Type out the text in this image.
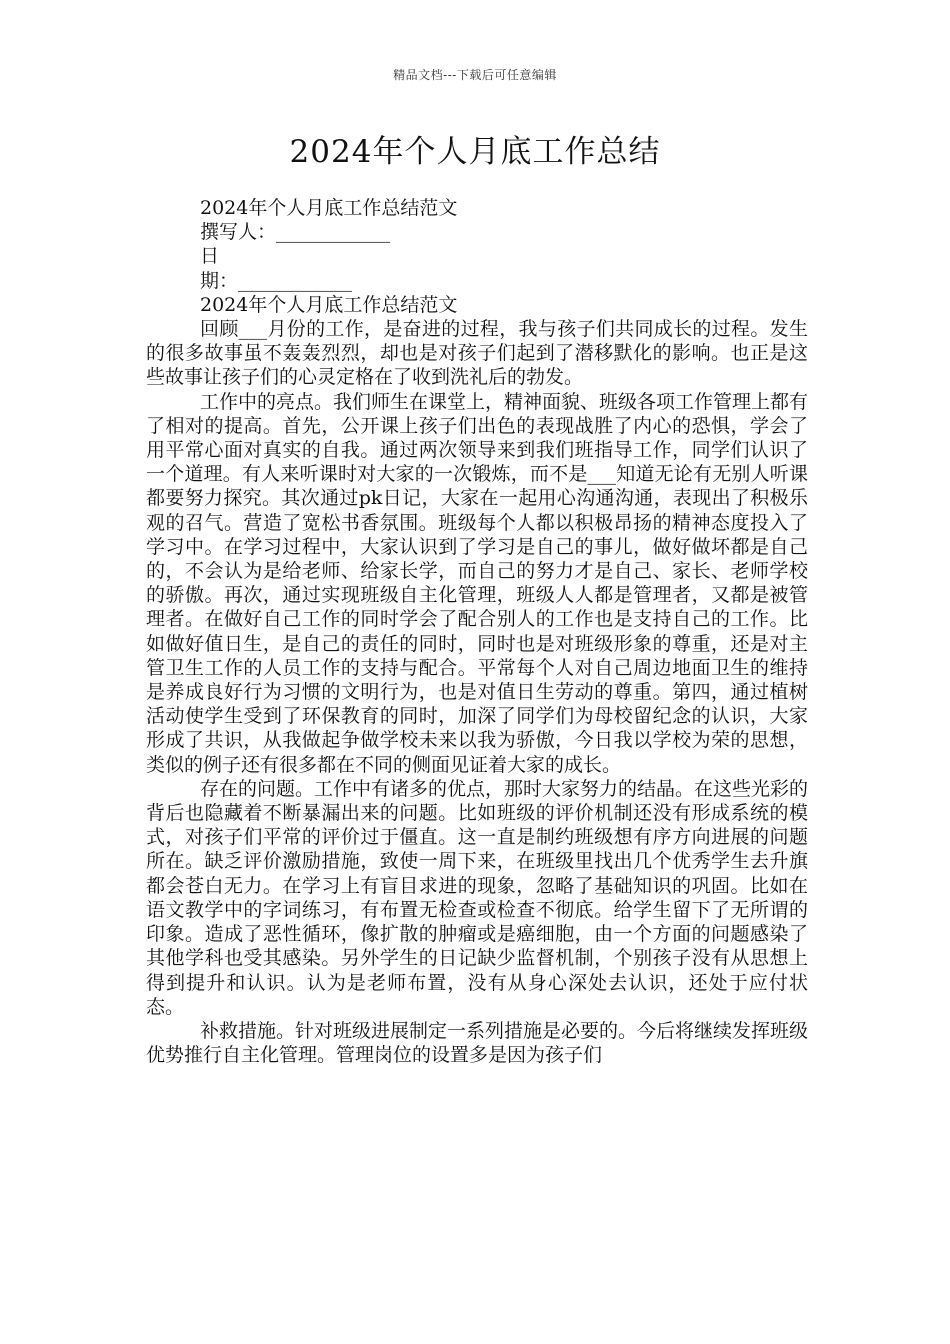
精品文档---下载后可任意编辑
2024年个人月底工作总结
2024年个人月底工作总结范文
撰写人：____________
日
期：____________
2024年个人月底工作总结范文

回顾___月份的工作，是奋进的过程，我与孩子们共同成长的过程。发生的很多故事虽不轰轰烈烈，却也是对孩子们起到了潜移默化的影响。也正是这些故事让孩子们的心灵定格在了收到洗礼后的勃发。

工作中的亮点。我们师生在课堂上，精神面貌、班级各项工作管理上都有了相对的提高。首先，公开课上孩子们出色的表现战胜了内心的恐惧，学会了用平常心面对真实的自我。通过两次领导来到我们班指导工作，同学们认识了一个道理。有人来听课时对大家的一次锻炼，而不是___知道无论有无别人听课都要努力探究。其次通过pk日记，大家在一起用心沟通沟通，表现出了积极乐观的召气。营造了宽松书香氛围。班级每个人都以积极昂扬的精神态度投入了学习中。在学习过程中，大家认识到了学习是自己的事儿，做好做坏都是自己的，不会认为是给老师、给家长学，而自己的努力才是自己、家长、老师学校的骄傲。再次，通过实现班级自主化管理，班级人人都是管理者，又都是被管理者。在做好自己工作的同时学会了配合别人的工作也是支持自己的工作。比如做好值日生，是自己的责任的同时，同时也是对班级形象的尊重，还是对主管卫生工作的人员工作的支持与配合。平常每个人对自己周边地面卫生的维持是养成良好行为习惯的文明行为，也是对值日生劳动的尊重。第四，通过植树活动使学生受到了环保教育的同时，加深了同学们为母校留纪念的认识，大家形成了共识，从我做起争做学校未来以我为骄傲，今日我以学校为荣的思想，类似的例子还有很多都在不同的侧面见证着大家的成长。

存在的问题。工作中有诸多的优点，那时大家努力的结晶。在这些光彩的背后也隐藏着不断暴漏出来的问题。比如班级的评价机制还没有形成系统的模式，对孩子们平常的评价过于僵直。这一直是制约班级想有序方向进展的问题所在。缺乏评价激励措施，致使一周下来，在班级里找出几个优秀学生去升旗都会苍白无力。在学习上有盲目求进的现象，忽略了基础知识的巩固。比如在语文教学中的字词练习，有布置无检查或检查不彻底。给学生留下了无所谓的印象。造成了恶性循环，像扩散的肿瘤或是癌细胞，由一个方面的问题感染了其他学科也受其感染。另外学生的日记缺少监督机制，个别孩子没有从思想上得到提升和认识。认为是老师布置，没有从身心深处去认识，还处于应付状态。

补救措施。针对班级进展制定一系列措施是必要的。今后将继续发挥班级优势推行自主化管理。管理岗位的设置多是因为孩子们
